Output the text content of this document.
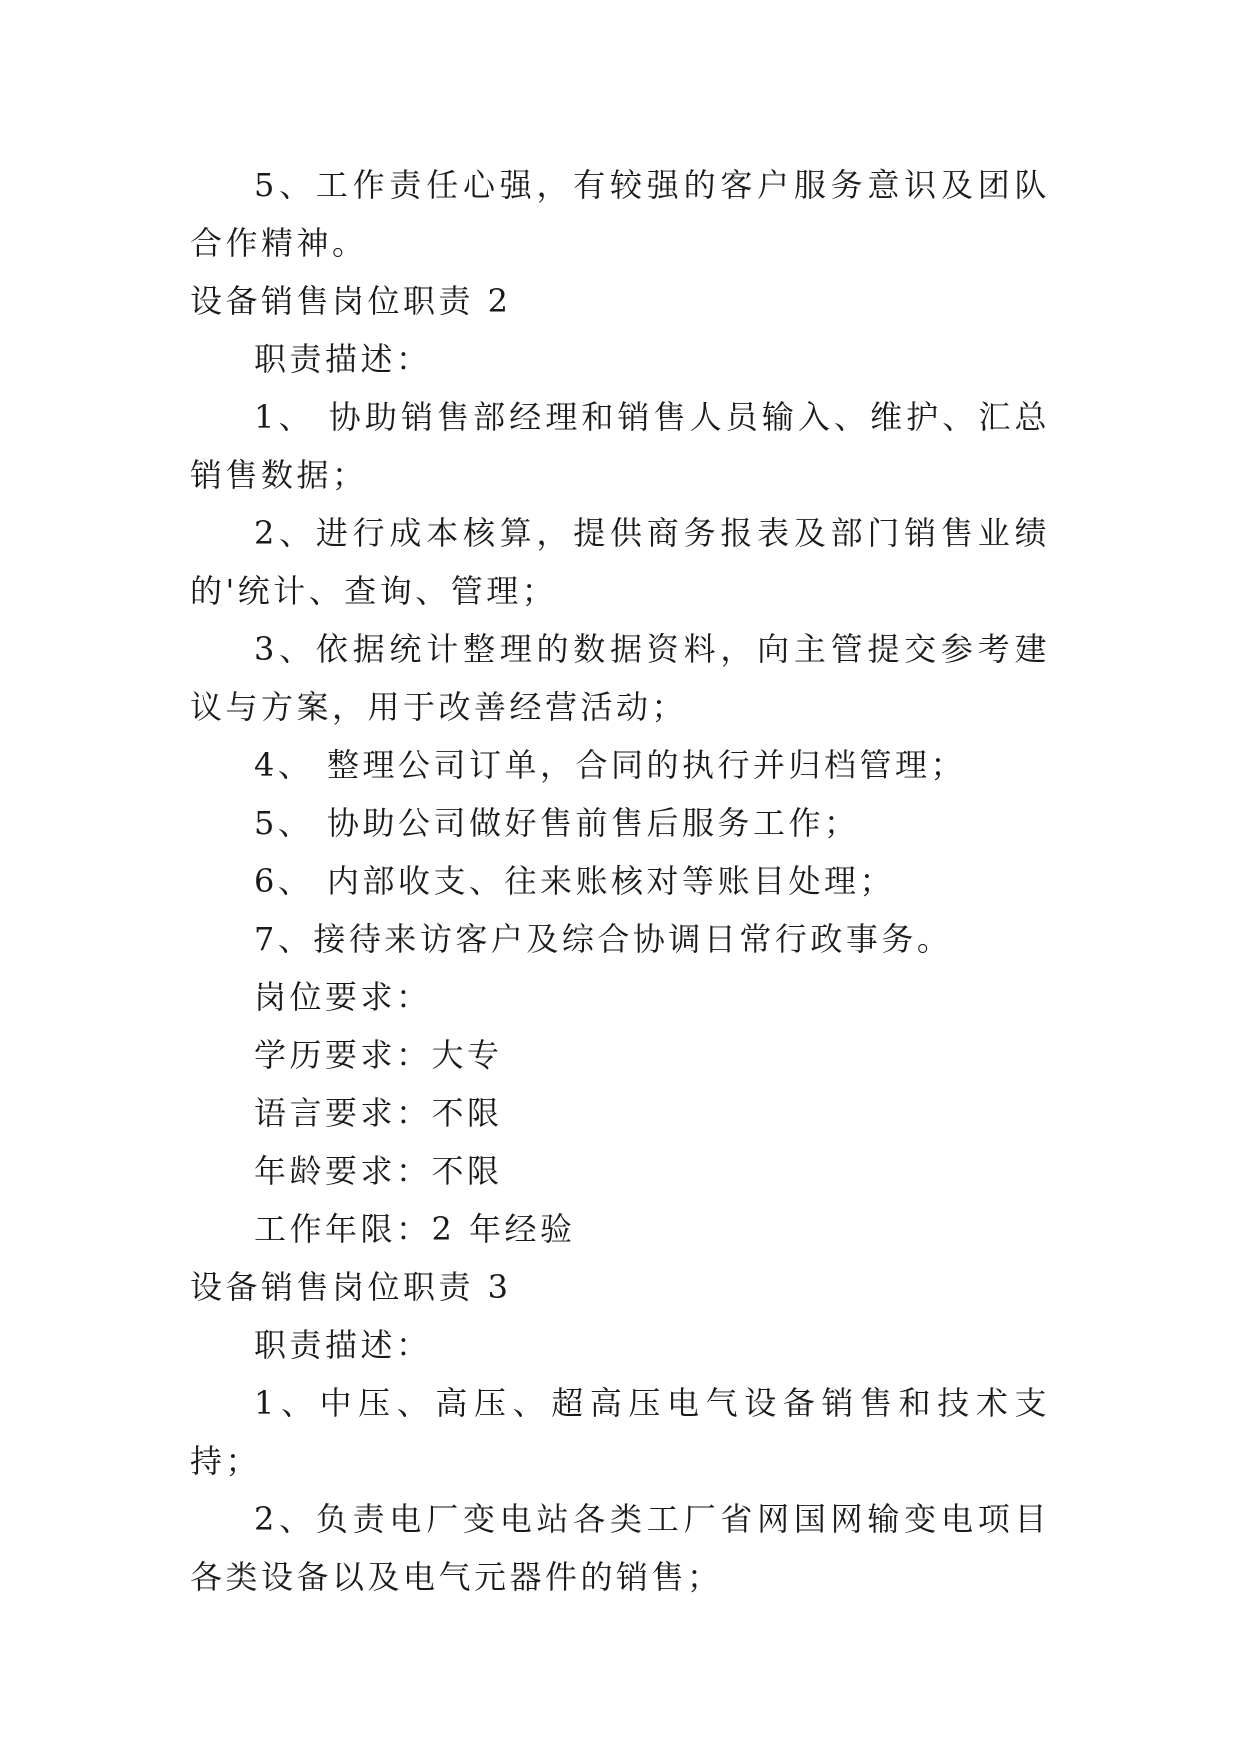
5、工作责任心强，有较强的客户服务意识及团队合作精神。

设备销售岗位职责 2

职责描述：

1、 协助销售部经理和销售人员输入、维护、汇总销售数据；

2、进行成本核算，提供商务报表及部门销售业绩的'统计、查询、管理；

3、依据统计整理的数据资料，向主管提交参考建议与方案，用于改善经营活动；

4、 整理公司订单，合同的执行并归档管理；

5、 协助公司做好售前售后服务工作；

6、 内部收支、往来账核对等账目处理；

7、接待来访客户及综合协调日常行政事务。

岗位要求：

学历要求：大专

语言要求：不限

年龄要求：不限

工作年限：2 年经验

设备销售岗位职责 3

职责描述：

1、中压、高压、超高压电气设备销售和技术支持；

2、负责电厂变电站各类工厂省网国网输变电项目各类设备以及电气元器件的销售；
